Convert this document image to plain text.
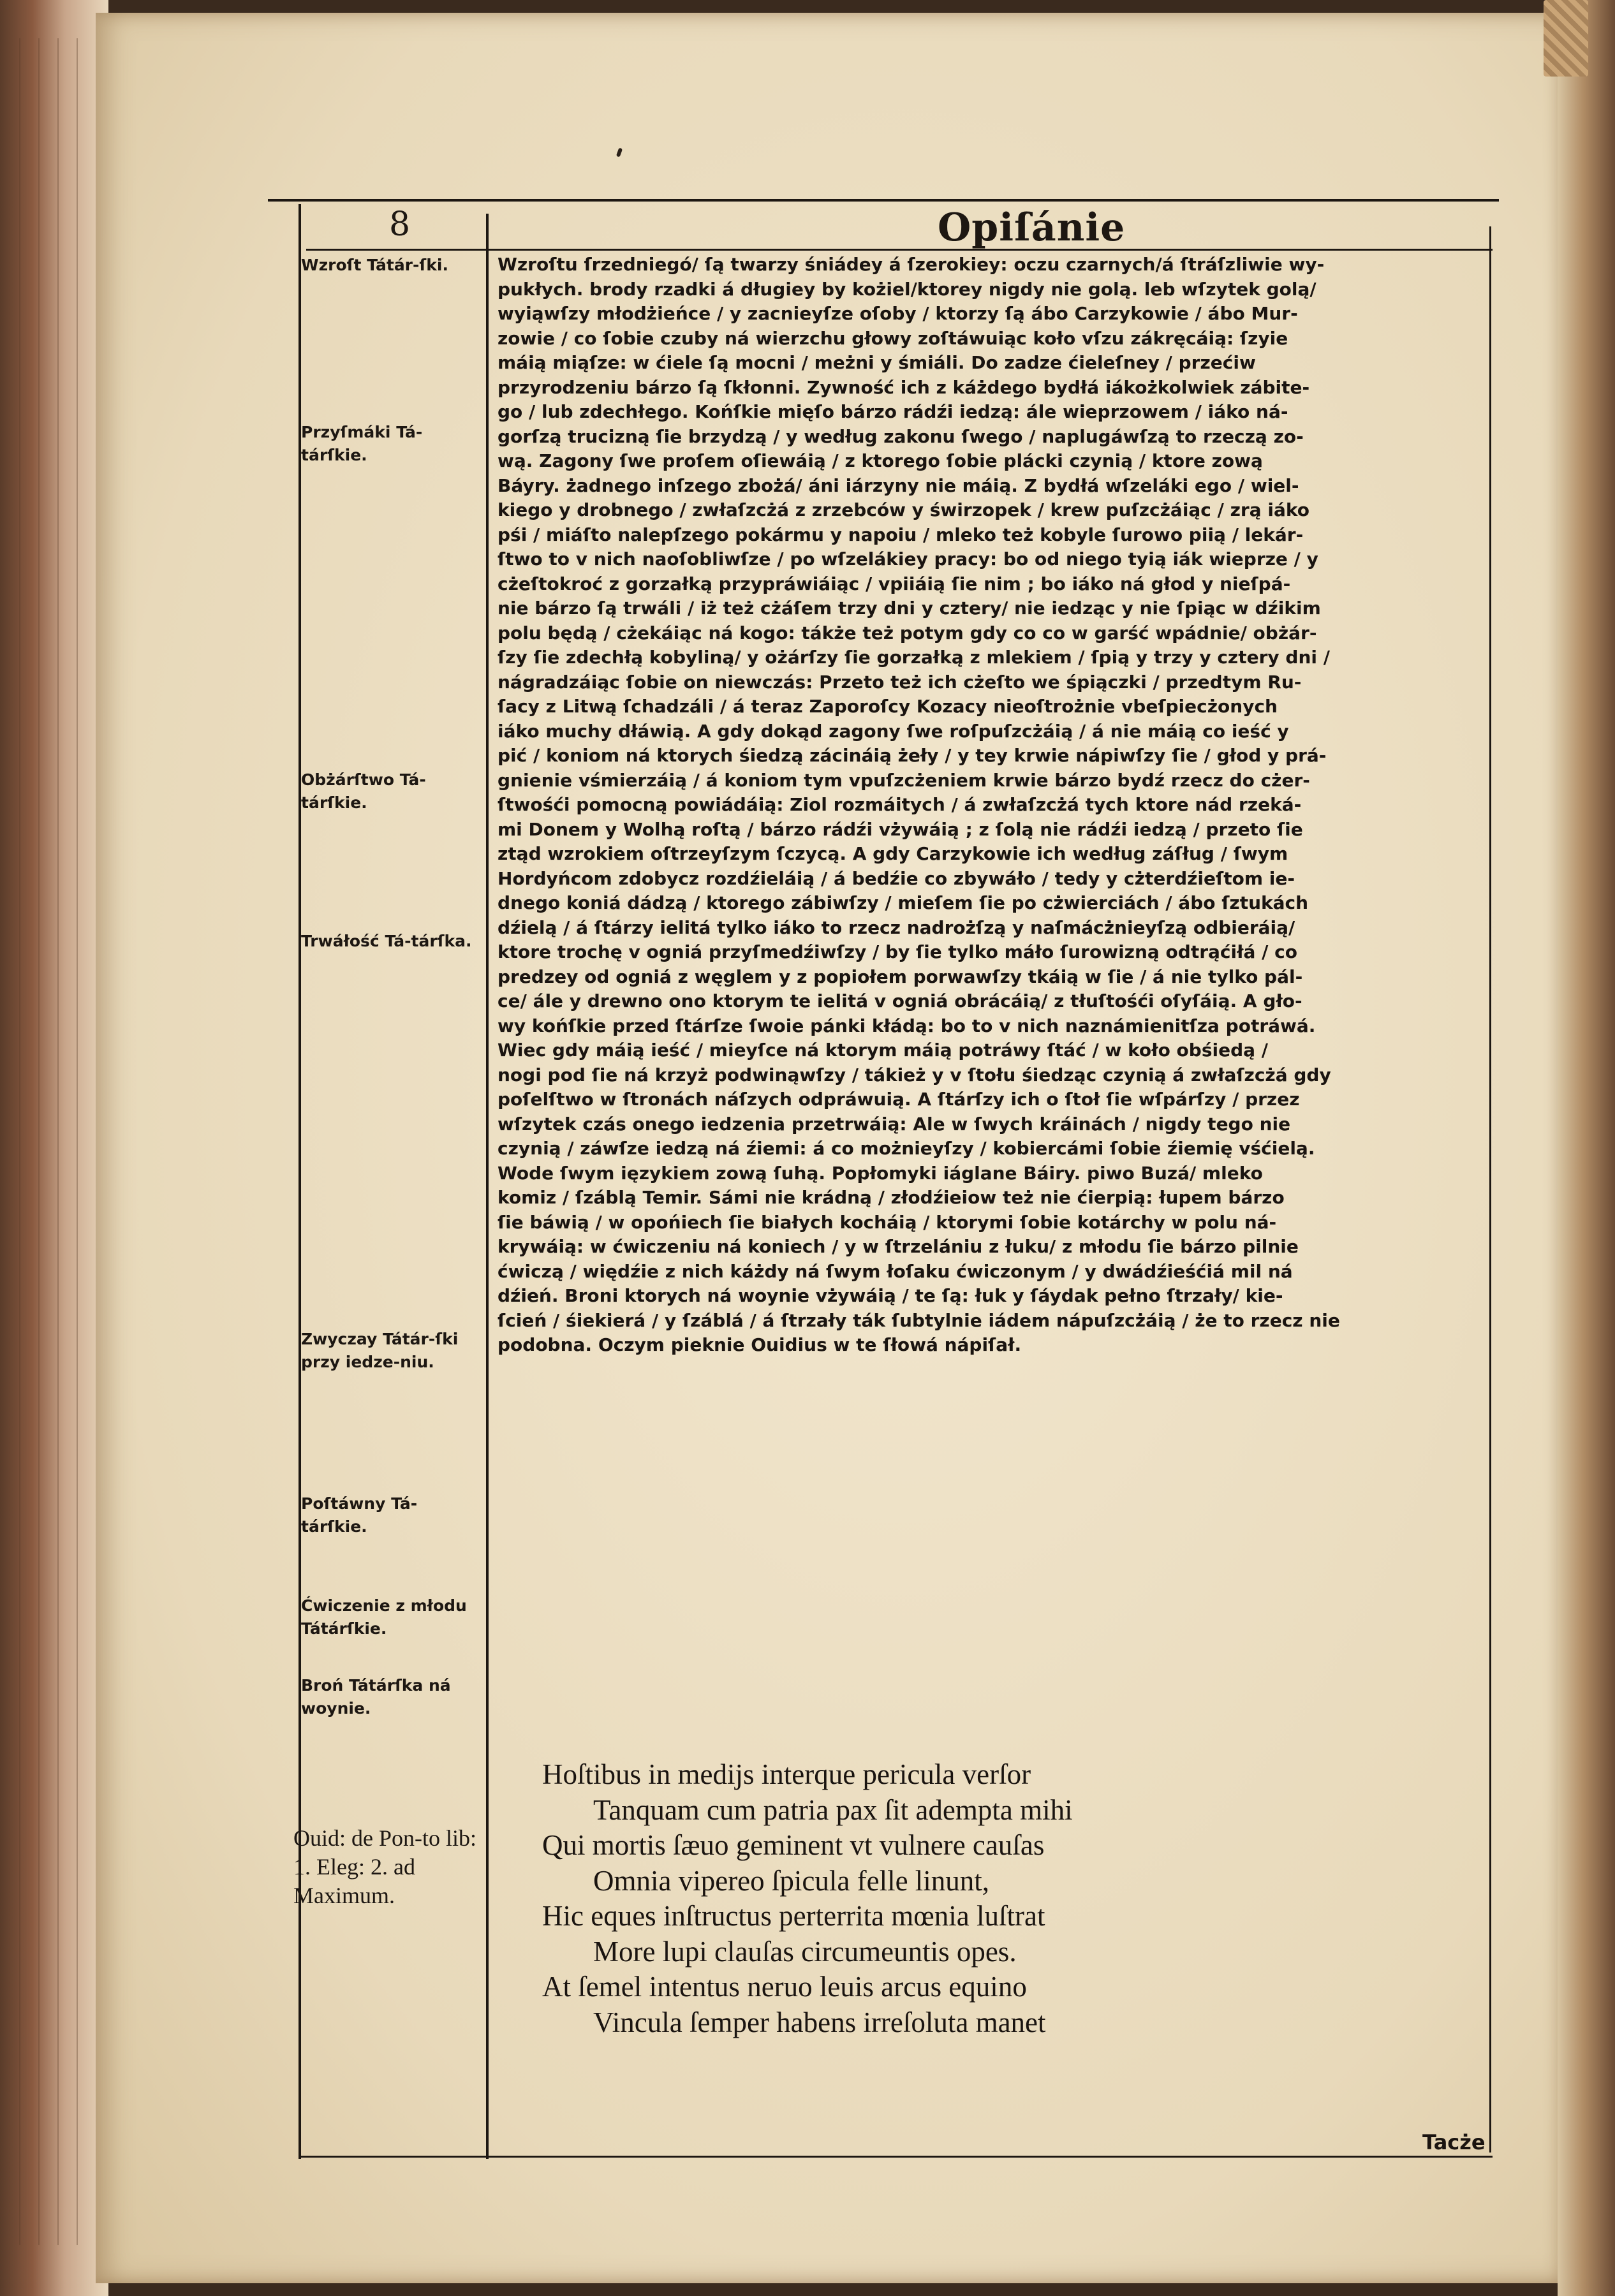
8	Opiſánie
Wzroſt Tátár-ſki.
Przyſmáki Tá-tárſkie.
Obżárſtwo Tá-tárſkie.
Trwáłość Tá-tárſka.
Zwyczay Tátár-ſki przy iedze-niu.
Poſtáwny Tá-tárſkie.
Ćwiczenie z młodu Tátárſkie.
Broń Tátárſka ná woynie.
Ouid: de Pon-to lib: 1. Eleg: 2. ad Maximum.
Wzroſtu ſrzedniegó/ ſą twarzy śniádey á ſzerokiey: oczu czarnych/á ſtráſzliwie wy-
pukłych. brody rzadki á długiey by kożiel/ktorey nigdy nie golą. leb wſzytek golą/
wyiąwſzy młodżieńce / y zacnieyſze oſoby / ktorzy ſą ábo Carzykowie / ábo Mur-
zowie / co ſobie czuby ná wierzchu głowy zoſtáwuiąc koło vſzu zákręcáią: ſzyie
máią miąſze: w ćiele ſą mocni / meżni y śmiáli. Do zadze ćieleſney / przećiw
przyrodzeniu bárzo ſą ſkłonni. Zywność ich z káżdego bydłá iákożkolwiek zábite-
go / lub zdechłego. Końſkie mięſo bárzo rádźi iedzą: ále wieprzowem / iáko ná-
gorſzą trucizną ſie brzydzą / y według zakonu ſwego / naplugáwſzą to rzeczą zo-
wą. Zagony ſwe proſem oſiewáią / z ktorego ſobie plácki czynią / ktore zową
Báyry. żadnego inſzego zbożá/ áni iárzyny nie máią. Z bydłá wſzeláki ego / wiel-
kiego y drobnego / zwłaſzcżá z zrzebców y świrzopek / krew puſzcżáiąc / zrą iáko
pśi / miáſto nalepſzego pokármu y napoiu / mleko też kobyle ſurowo piią / lekár-
ſtwo to v nich naoſobliwſze / po wſzelákiey pracy: bo od niego tyią iák wieprze / y
cżeſtokroć z gorzałką przypráwiáiąc / vpiiáią ſie nim ; bo iáko ná głod y nieſpá-
nie bárzo ſą trwáli / iż też cżáſem trzy dni y cztery/ nie iedząc y nie ſpiąc w dźikim
polu będą / cżekáiąc ná kogo: tákże też potym gdy co co w garść wpádnie/ obżár-
ſzy ſie zdechłą kobyliną/ y ożárſzy ſie gorzałką z mlekiem / ſpią y trzy y cztery dni /
nágradzáiąc ſobie on niewczás: Przeto też ich cżeſto we śpiączki / przedtym Ru-
ſacy z Litwą ſchadzáli / á teraz Zaporoſcy Kozacy nieoſtrożnie vbeſpiecżonych
iáko muchy dłáwią. A gdy dokąd zagony ſwe roſpuſzcżáią / á nie máią co ieść y
pić / koniom ná ktorych śiedzą zácináią żeły / y tey krwie nápiwſzy ſie / głod y prá-
gnienie vśmierzáią / á koniom tym vpuſzcżeniem krwie bárzo bydź rzecz do cżer-
ſtwośći pomocną powiádáią: Ziol rozmáitych / á zwłaſzcżá tych ktore nád rzeká-
mi Donem y Wolhą roſtą / bárzo rádźi vżywáią ; z ſolą nie rádźi iedzą / przeto ſie
ztąd wzrokiem oſtrzeyſzym ſczycą. A gdy Carzykowie ich według záſług / ſwym
Hordyńcom zdobycz rozdźieláią / á bedźie co zbywáło / tedy y cżterdźieſtom ie-
dnego koniá dádzą / ktorego zábiwſzy / mieſem ſie po cżwierciách / ábo ſztukách
dźielą / á ſtárzy ielitá tylko iáko to rzecz nadrożſzą y naſmácżnieyſzą odbieráią/
ktore trochę v ogniá przyſmedźiwſzy / by ſie tylko máło ſurowizną odtrąćiłá / co
predzey od ogniá z węglem y z popiołem porwawſzy tkáią w ſie / á nie tylko pál-
ce/ ále y drewno ono ktorym te ielitá v ogniá obrácáią/ z tłuſtośći oſyſáią. A gło-
wy końſkie przed ſtárſze ſwoie pánki kłádą: bo to v nich naznámienitſza potráwá.
Wiec gdy máią ieść / mieyſce ná ktorym máią potráwy ſtáć / w koło obśiedą /
nogi pod ſie ná krzyż podwinąwſzy / tákież y v ſtołu śiedząc czynią á zwłaſzcżá gdy
poſelſtwo w ſtronách náſzych odpráwuią. A ſtárſzy ich o ſtoł ſie wſpárſzy / przez
wſzytek czás onego iedzenia przetrwáią: Ale w ſwych kráinách / nigdy tego nie
czynią / záwſze iedzą ná źiemi: á co możnieyſzy / kobiercámi ſobie źiemię vśćielą.
Wode ſwym ięzykiem zową ſuhą. Popłomyki iáglane Báiry. piwo Buzá/ mleko
komiz / ſzáblą Temir. Sámi nie krádną / złodźieiow też nie ćierpią: łupem bárzo
ſie báwią / w opońiech ſie białych kocháią / ktorymi ſobie kotárchy w polu ná-
krywáią: w ćwiczeniu ná koniech / y w ſtrzelániu z łuku/ z młodu ſie bárzo pilnie
ćwiczą / więdźie z nich káżdy ná ſwym łoſaku ćwiczonym / y dwádźieśćiá mil ná
dźień. Broni ktorych ná woynie vżywáią / te ſą: łuk y ſáydak pełno ſtrzały/ kie-
ſcień / śiekierá / y ſzáblá / á ſtrzały ták ſubtylnie iádem nápuſzcżáią / że to rzecz nie
podobna. Oczym pieknie Ouidius w te ſłowá nápiſał.
Hoſtibus in medijs interque pericula verſor
Tanquam cum patria pax ſit adempta mihi
Qui mortis ſæuo geminent vt vulnere cauſas
Omnia vipereo ſpicula felle linunt,
Hic eques inſtructus perterrita mœnia luſtrat
More lupi clauſas circumeuntis opes.
At ſemel intentus neruo leuis arcus equino
Vincula ſemper habens irreſoluta manet
Tacże
